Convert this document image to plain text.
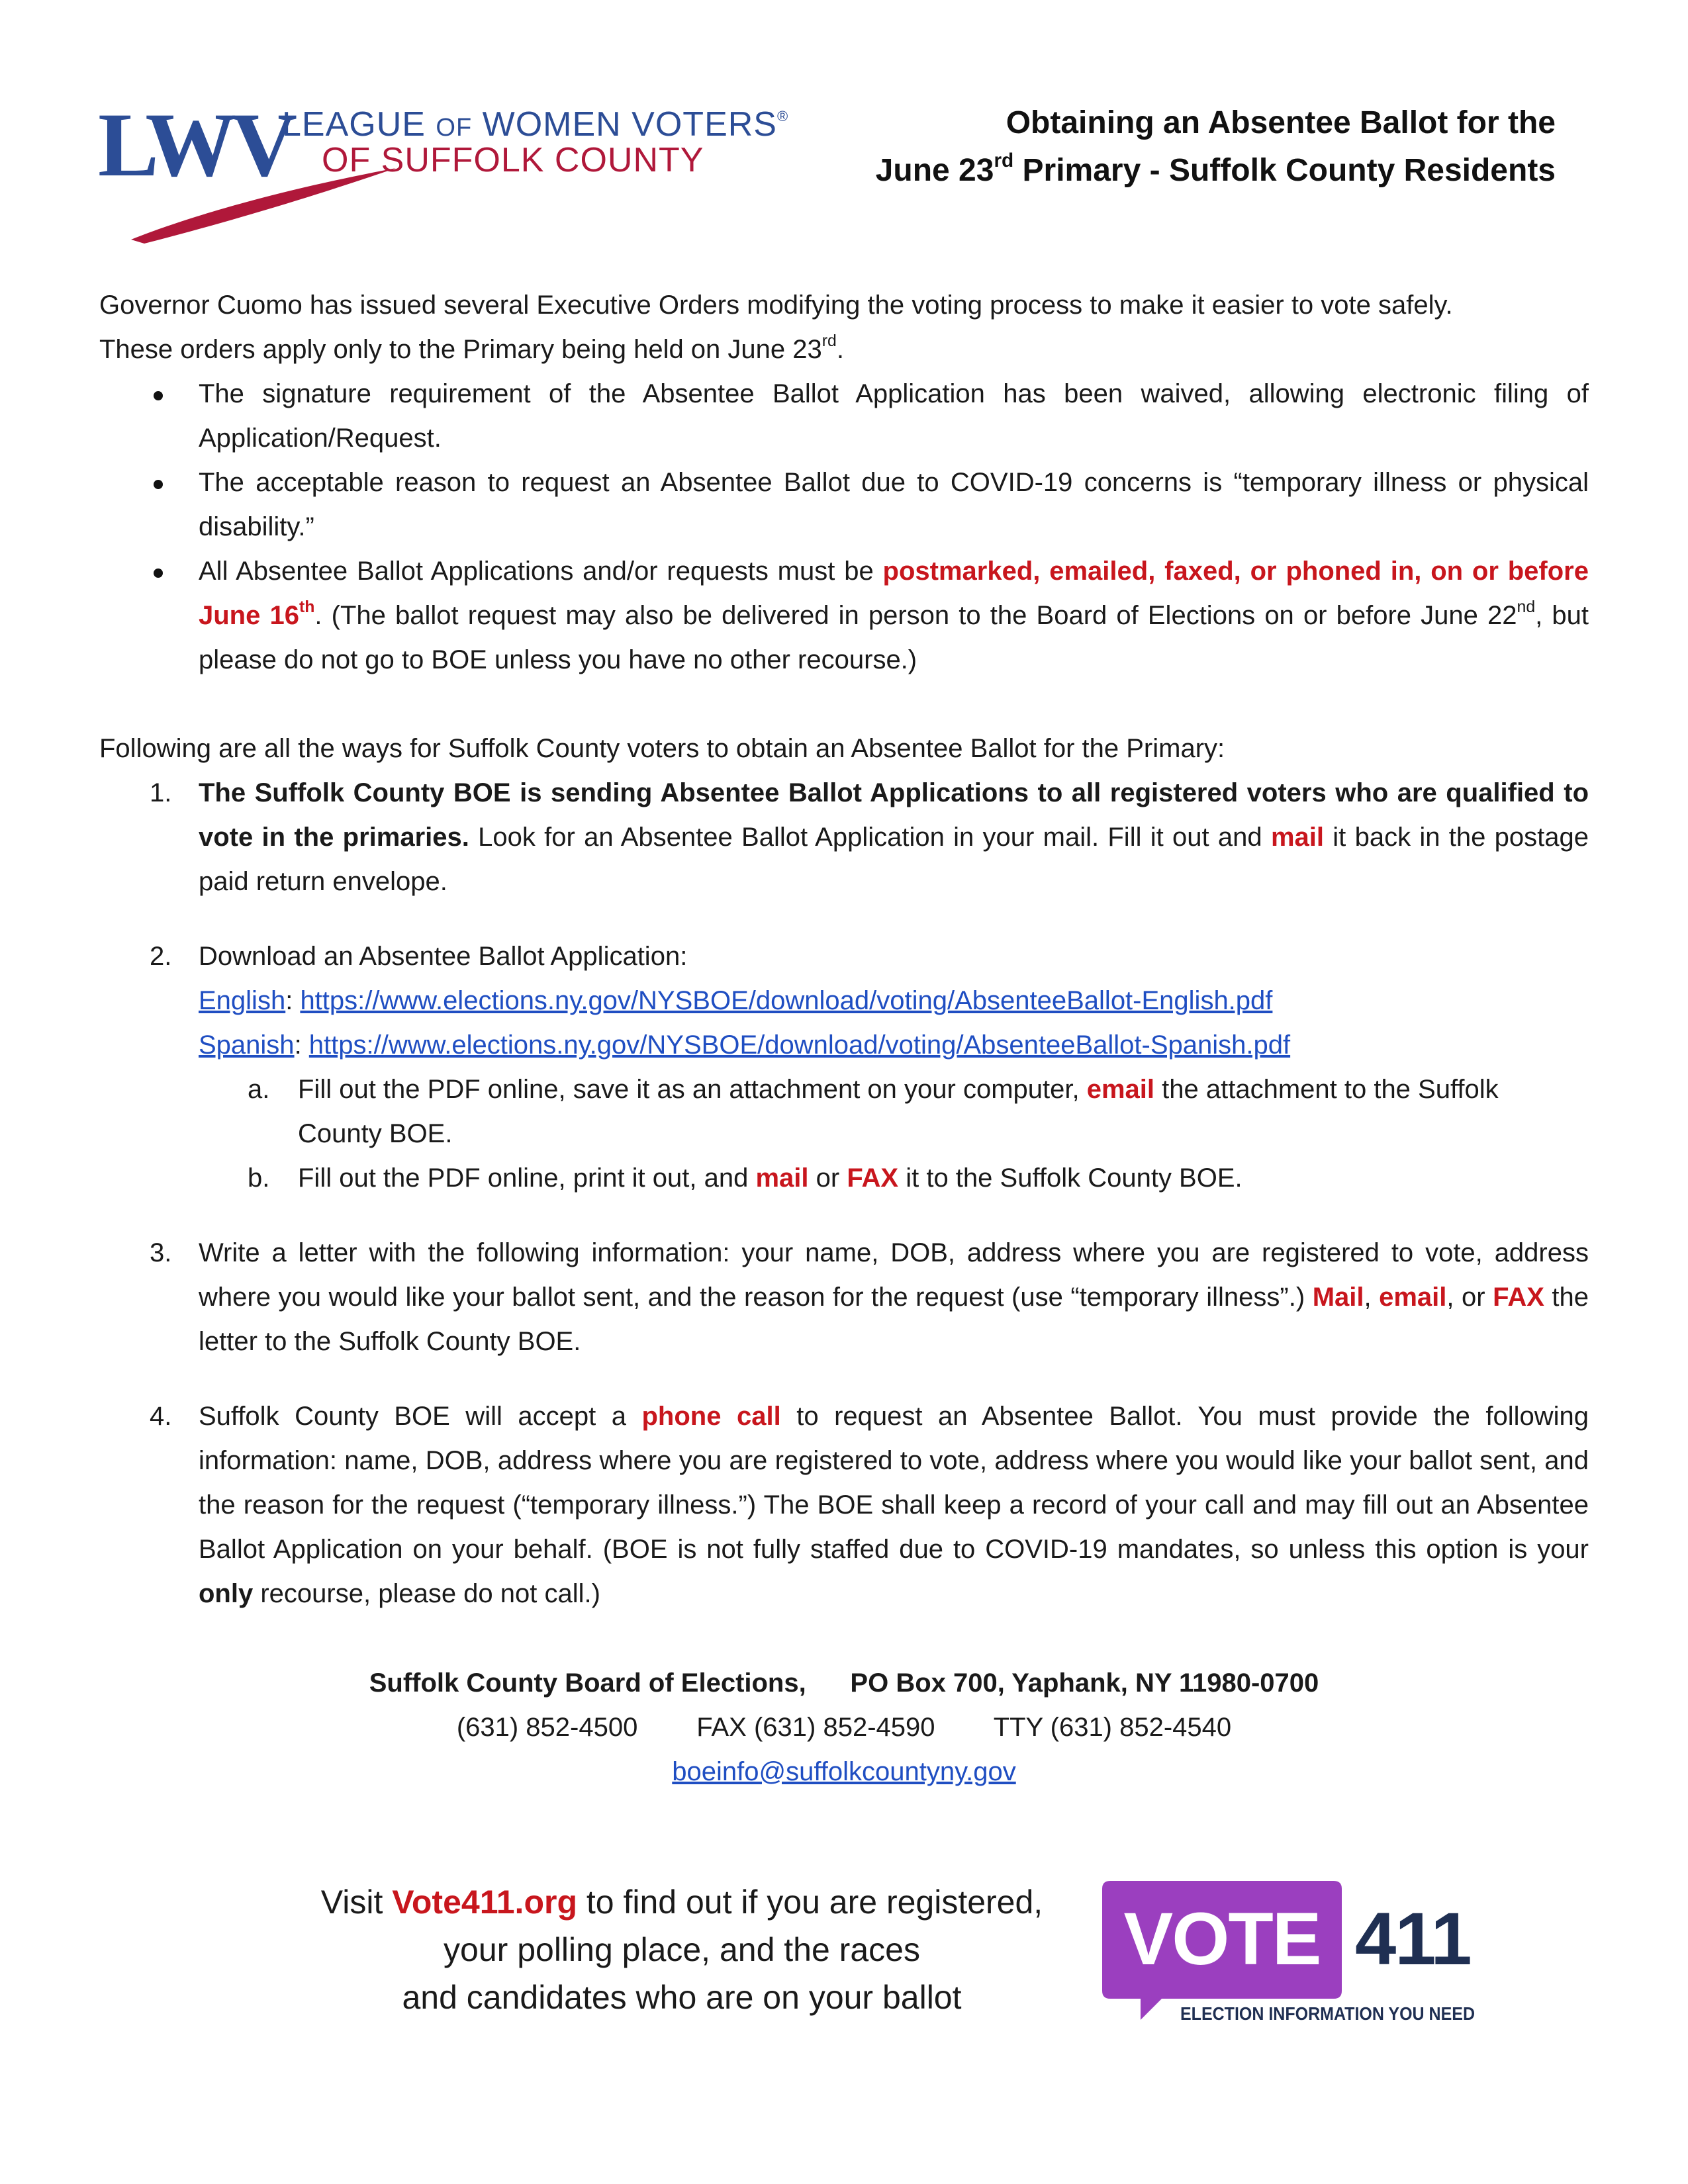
LWV
LEAGUE OF WOMEN VOTERS®
OF SUFFOLK COUNTY
Obtaining an Absentee Ballot for the
June 23rd Primary - Suffolk County Residents
Governor Cuomo has issued several Executive Orders modifying the voting process to make it easier to vote safely.
These orders apply only to the Primary being held on June 23rd.
The signature requirement of the Absentee Ballot Application has been waived, allowing electronic filing of Application/Request.
The acceptable reason to request an Absentee Ballot due to COVID-19 concerns is “temporary illness or physical disability.”
All Absentee Ballot Applications and/or requests must be postmarked, emailed, faxed, or phoned in, on or before June 16th. (The ballot request may also be delivered in person to the Board of Elections on or before June 22nd, but please do not go to BOE unless you have no other recourse.)
Following are all the ways for Suffolk County voters to obtain an Absentee Ballot for the Primary:
1. The Suffolk County BOE is sending Absentee Ballot Applications to all registered voters who are qualified to vote in the primaries. Look for an Absentee Ballot Application in your mail. Fill it out and mail it back in the postage paid return envelope.
2. Download an Absentee Ballot Application:
English: https://www.elections.ny.gov/NYSBOE/download/voting/AbsenteeBallot-English.pdf
Spanish: https://www.elections.ny.gov/NYSBOE/download/voting/AbsenteeBallot-Spanish.pdf
a. Fill out the PDF online, save it as an attachment on your computer, email the attachment to the Suffolk County BOE.
b. Fill out the PDF online, print it out, and mail or FAX it to the Suffolk County BOE.
3. Write a letter with the following information: your name, DOB, address where you are registered to vote, address where you would like your ballot sent, and the reason for the request (use “temporary illness”.) Mail, email, or FAX the letter to the Suffolk County BOE.
4. Suffolk County BOE will accept a phone call to request an Absentee Ballot. You must provide the following information: name, DOB, address where you are registered to vote, address where you would like your ballot sent, and the reason for the request (“temporary illness.”) The BOE shall keep a record of your call and may fill out an Absentee Ballot Application on your behalf. (BOE is not fully staffed due to COVID-19 mandates, so unless this option is your only recourse, please do not call.)
Suffolk County Board of Elections, PO Box 700, Yaphank, NY 11980-0700
(631) 852-4500 FAX (631) 852-4590 TTY (631) 852-4540
boeinfo@suffolkcountyny.gov
Visit Vote411.org to find out if you are registered,
your polling place, and the races
and candidates who are on your ballot
VOTE 411
ELECTION INFORMATION YOU NEED
